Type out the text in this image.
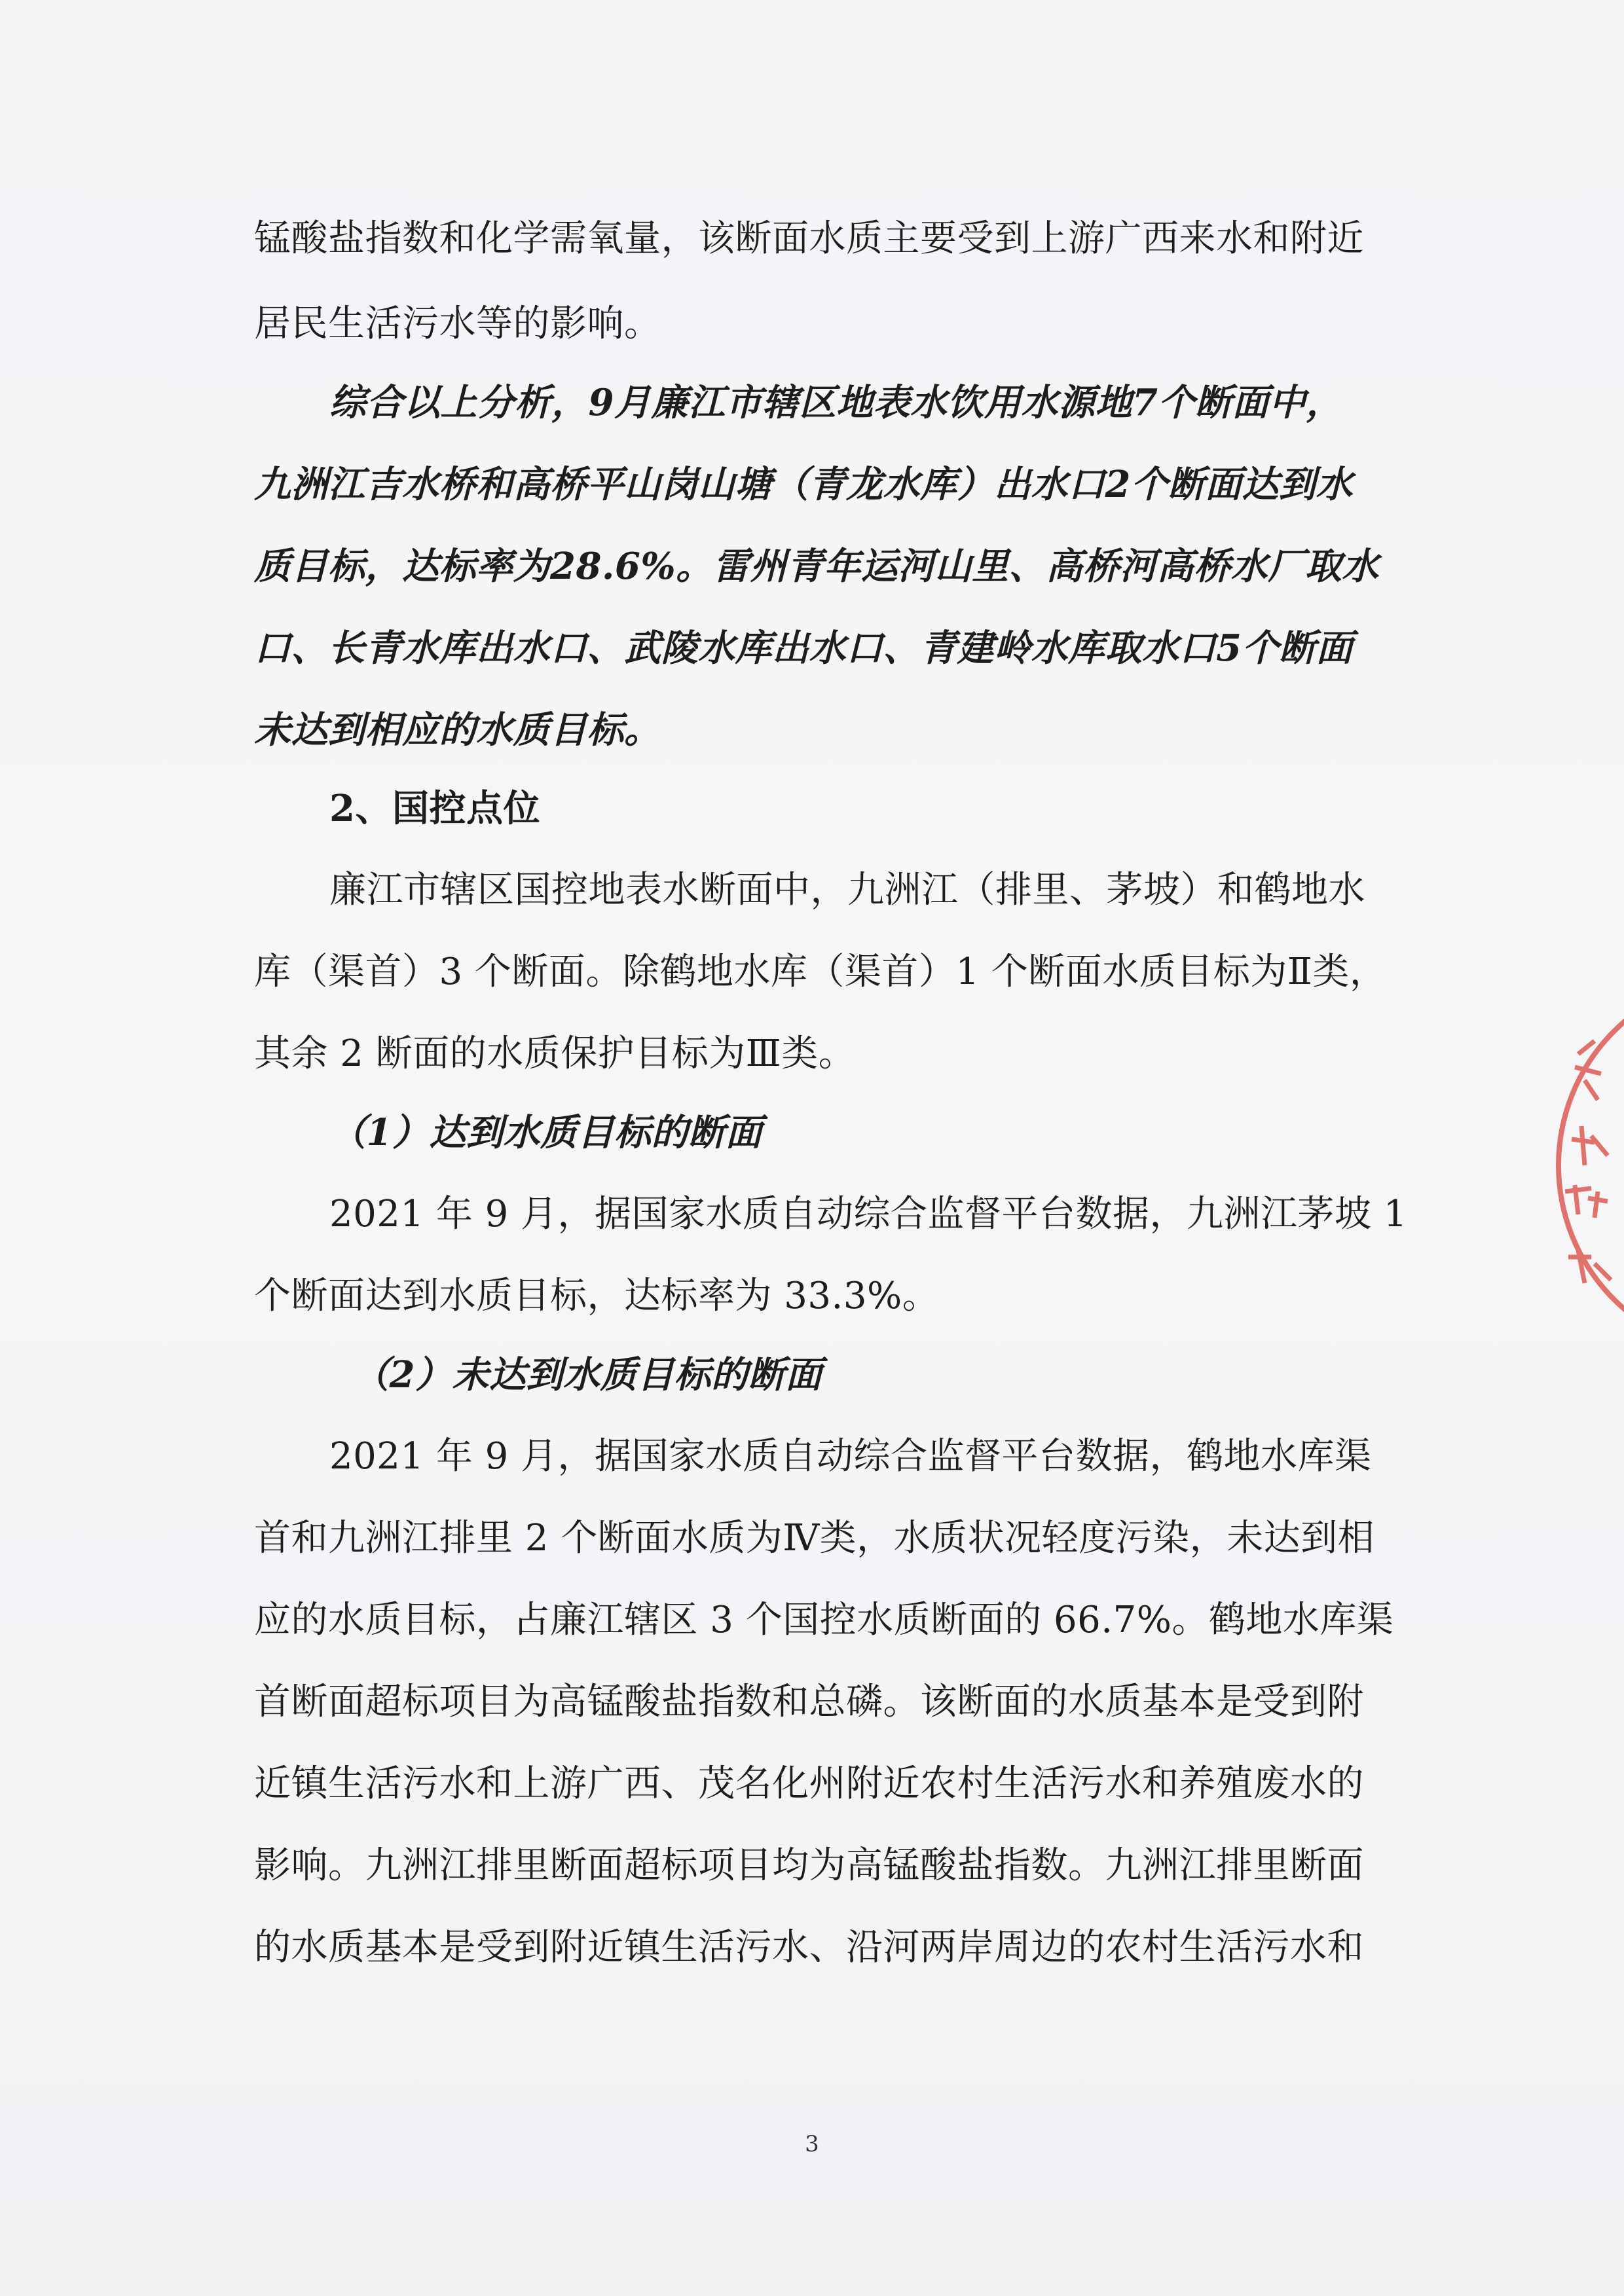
锰酸盐指数和化学需氧量，该断面水质主要受到上游广西来水和附近
居民生活污水等的影响。
综合以上分析，9月廉江市辖区地表水饮用水源地7个断面中，
九洲江吉水桥和高桥平山岗山塘（青龙水库）出水口2个断面达到水
质目标，达标率为28.6%。雷州青年运河山里、高桥河高桥水厂取水
口、长青水库出水口、武陵水库出水口、青建岭水库取水口5个断面
未达到相应的水质目标。
2、国控点位
廉江市辖区国控地表水断面中，九洲江（排里、茅坡）和鹤地水
库（渠首）3 个断面。除鹤地水库（渠首）1 个断面水质目标为Ⅱ类，
其余 2 断面的水质保护目标为Ⅲ类。
（1）达到水质目标的断面
2021 年 9 月，据国家水质自动综合监督平台数据，九洲江茅坡 1
个断面达到水质目标，达标率为 33.3%。
（2）未达到水质目标的断面
2021 年 9 月，据国家水质自动综合监督平台数据，鹤地水库渠
首和九洲江排里 2 个断面水质为Ⅳ类，水质状况轻度污染，未达到相
应的水质目标，占廉江辖区 3 个国控水质断面的 66.7%。鹤地水库渠
首断面超标项目为高锰酸盐指数和总磷。该断面的水质基本是受到附
近镇生活污水和上游广西、茂名化州附近农村生活污水和养殖废水的
影响。九洲江排里断面超标项目均为高锰酸盐指数。九洲江排里断面
的水质基本是受到附近镇生活污水、沿河两岸周边的农村生活污水和
3
